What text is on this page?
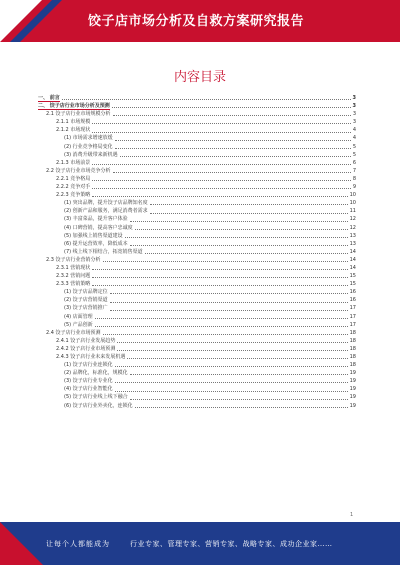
饺子店市场分析及自救方案研究报告
内容目录
一、 前言	3
二、 饺子店行业市场分析及预测	3
2.1 饺子店行业市场规模分析	3
2.1.1 市场规模	3
2.1.2 市场现状	4
(1) 市场需求增速放缓	4
(2) 行业竞争格局变化	5
(3) 消费升级带来新机遇	5
2.1.3 市场前景	6
2.2 饺子店行业市场竞争分析	7
2.2.1 竞争格局	8
2.2.2 竞争对手	9
2.2.3 竞争策略	10
(1) 突出品牌，提升饺子店品牌知名度	10
(2) 创新产品和服务，满足消费者需求	11
(3) 丰富菜品，提升客户体验	12
(4) 口碑营销，提高客户忠诚度	12
(5) 加强线上销售渠道建设	13
(6) 提升运营效率，降低成本	13
(7) 线上线下相结合，拓宽销售渠道	14
2.3 饺子店行业营销分析	14
2.3.1 营销现状	14
2.3.2 营销问题	15
2.3.3 营销策略	15
(1) 饺子店品牌定位	16
(2) 饺子店营销渠道	16
(3) 饺子店营销推广	17
(4) 店面管理	17
(5) 产品创新	17
2.4 饺子店行业市场预测	18
2.4.1 饺子店行业发展趋势	18
2.4.2 饺子店行业市场预测	18
2.4.3 饺子店行业未来发展机遇	18
(1) 饺子店行业连锁化	18
(2) 品牌化，标准化，规模化	19
(3) 饺子店行业专业化	19
(4) 饺子店行业智能化	19
(5) 饺子店行业线上线下融合	19
(6) 饺子店行业外卖化，连锁化	19
1
让每个人都能成为	行业专家、管理专家、营销专家、战略专家、成功企业家……
